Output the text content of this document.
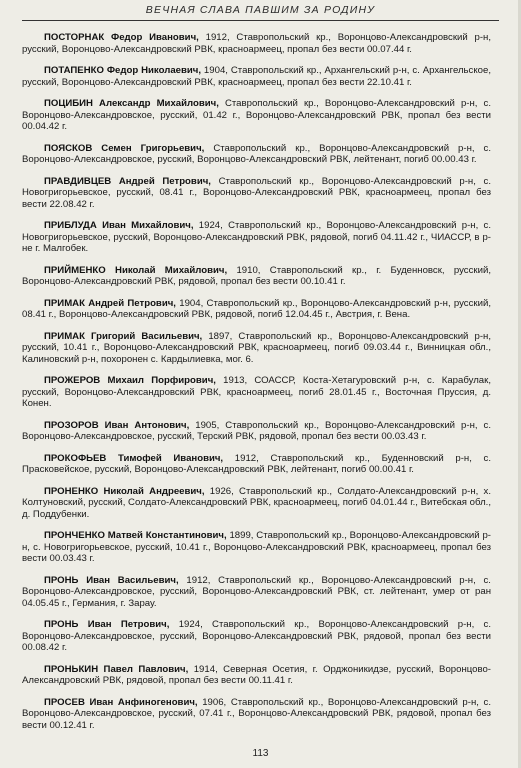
ВЕЧНАЯ СЛАВА ПАВШИМ ЗА РОДИНУ

ПОСТОРНАК Федор Иванович, 1912, Ставропольский кр., Воронцово-Александровский р-н, русский, Воронцово-Александровский РВК, красноармеец, пропал без вести 00.07.44 г.

ПОТАПЕНКО Федор Николаевич, 1904, Ставропольский кр., Архангельский р-н, с. Архангельское, русский, Воронцово-Александровский РВК, красноармеец, пропал без вести 22.10.41 г.

ПОЦИБИН Александр Михайлович, Ставропольский кр., Воронцово-Александровский р-н, с. Воронцово-Александровское, русский, 01.42 г., Воронцово-Александровский РВК, пропал без вести 00.04.42 г.

ПОЯСКОВ Семен Григорьевич, Ставропольский кр., Воронцово-Александровский р-н, с. Воронцово-Александровское, русский, Воронцово-Александровский РВК, лейтенант, погиб 00.00.43 г.

ПРАВДИВЦЕВ Андрей Петрович, Ставропольский кр., Воронцово-Александровский р-н, с. Новогригорьевское, русский, 08.41 г., Воронцово-Александровский РВК, красноармеец, пропал без вести 22.08.42 г.

ПРИБЛУДА Иван Михайлович, 1924, Ставропольский кр., Воронцово-Александровский р-н, с. Новогригорьевское, русский, Воронцово-Александровский РВК, рядовой, погиб 04.11.42 г., ЧИАССР, в р-не г. Малгобек.

ПРИЙМЕНКО Николай Михайлович, 1910, Ставропольский кр., г. Буденновск, русский, Воронцово-Александровский РВК, рядовой, пропал без вести 00.10.41 г.

ПРИМАК Андрей Петрович, 1904, Ставропольский кр., Воронцово-Александровский р-н, русский, 08.41 г., Воронцово-Александровский РВК, рядовой, погиб 12.04.45 г., Австрия, г. Вена.

ПРИМАК Григорий Васильевич, 1897, Ставропольский кр., Воронцово-Александровский р-н, русский, 10.41 г., Воронцово-Александровский РВК, красноармеец, погиб 09.03.44 г., Винницкая обл., Калиновский р-н, похоронен с. Кардылиевка, мог. 6.

ПРОЖЕРОВ Михаил Порфирович, 1913, СОАССР, Коста-Хетагуровский р-н, с. Карабулак, русский, Воронцово-Александровский РВК, красноармеец, погиб 28.01.45 г., Восточная Пруссия, д. Конен.

ПРОЗОРОВ Иван Антонович, 1905, Ставропольский кр., Воронцово-Александровский р-н, с. Воронцово-Александровское, русский, Терский РВК, рядовой, пропал без вести 00.03.43 г.

ПРОКОФЬЕВ Тимофей Иванович, 1912, Ставропольский кр., Буденновский р-н, с. Прасковейское, русский, Воронцово-Александровский РВК, лейтенант, погиб 00.00.41 г.

ПРОНЕНКО Николай Андреевич, 1926, Ставропольский кр., Солдато-Александровский р-н, х. Колтуновский, русский, Солдато-Александровский РВК, красноармеец, погиб 04.01.44 г., Витебская обл., д. Поддубенки.

ПРОНЧЕНКО Матвей Константинович, 1899, Ставропольский кр., Воронцово-Александровский р-н, с. Новогригорьевское, русский, 10.41 г., Воронцово-Александровский РВК, красноармеец, пропал без вести 00.03.43 г.

ПРОНЬ Иван Васильевич, 1912, Ставропольский кр., Воронцово-Александровский р-н, с. Воронцово-Александровское, русский, Воронцово-Александровский РВК, ст. лейтенант, умер от ран 04.05.45 г., Германия, г. Зарау.

ПРОНЬ Иван Петрович, 1924, Ставропольский кр., Воронцово-Александровский р-н, с. Воронцово-Александровское, русский, Воронцово-Александровский РВК, рядовой, пропал без вести 00.08.42 г.

ПРОНЬКИН Павел Павлович, 1914, Северная Осетия, г. Орджоникидзе, русский, Воронцово-Александровский РВК, рядовой, пропал без вести 00.11.41 г.

ПРОСЕВ Иван Анфиногенович, 1906, Ставропольский кр., Воронцово-Александровский р-н, с. Воронцово-Александровское, русский, 07.41 г., Воронцово-Александровский РВК, рядовой, пропал без вести 00.12.41 г.

113
